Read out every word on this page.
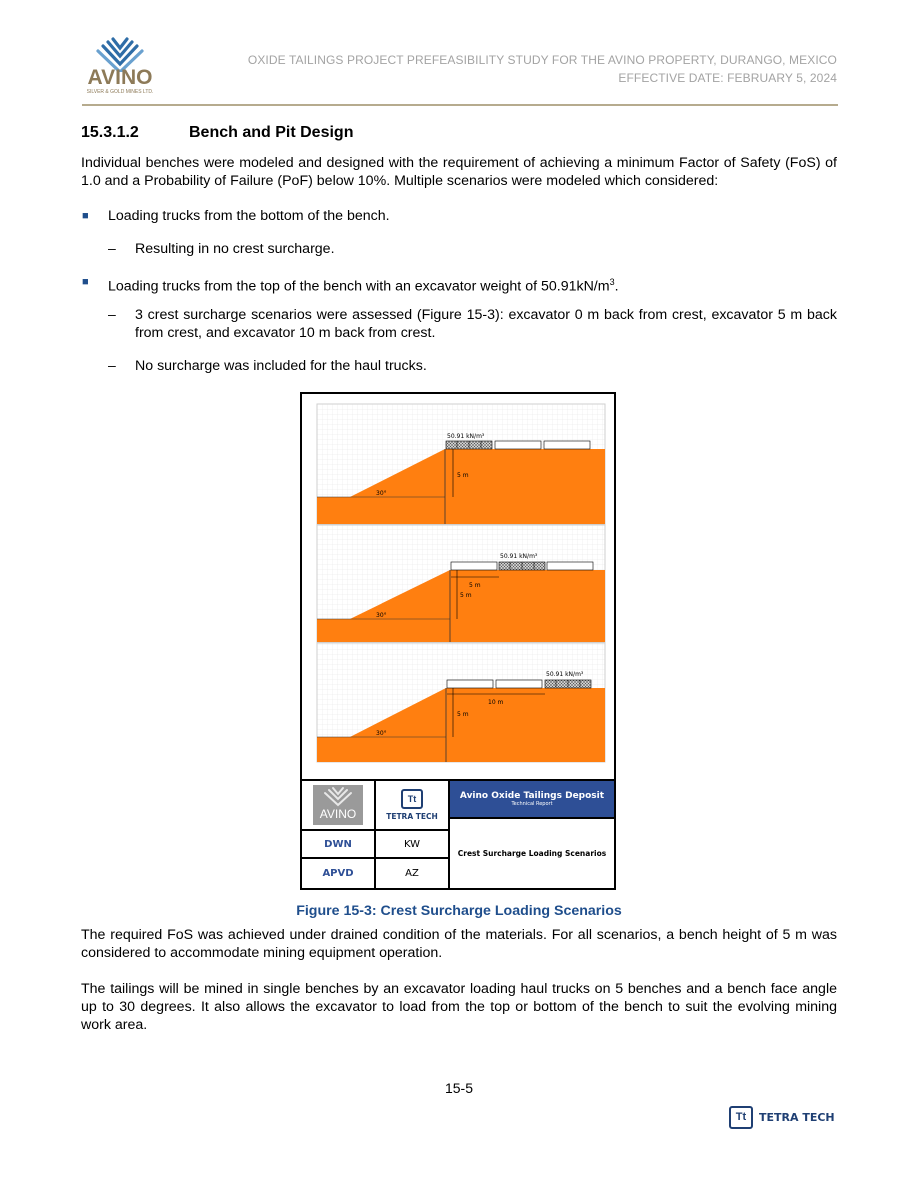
AVINO
SILVER & GOLD MINES LTD.
OXIDE TAILINGS PROJECT PREFEASIBILITY STUDY FOR THE AVINO PROPERTY, DURANGO, MEXICO
EFFECTIVE DATE: FEBRUARY 5, 2024
15.3.1.2	Bench and Pit Design
Individual benches were modeled and designed with the requirement of achieving a minimum Factor of Safety (FoS) of 1.0 and a Probability of Failure (PoF) below 10%. Multiple scenarios were modeled which considered:
■ Loading trucks from the bottom of the bench.
– Resulting in no crest surcharge.
■ Loading trucks from the top of the bench with an excavator weight of $50.91kN/m^3$.
– 3 crest surcharge scenarios were assessed (Figure 15-3): excavator 0 m back from crest, excavator 5 m back from crest, and excavator 10 m back from crest.
– No surcharge was included for the haul trucks.
5 m
30°
50.91 kN/m³
5 m
30°
5 m
50.91 kN/m³
5 m
30°
10 m
50.91 kN/m³
AVINO
Tt
TETRA TECH
Avino Oxide Tailings Deposit
Technical Report
DWN	KW
APVD	AZ
Crest Surcharge Loading Scenarios
Figure 15-3: Crest Surcharge Loading Scenarios
The required FoS was achieved under drained condition of the materials. For all scenarios, a bench height of 5 m was considered to accommodate mining equipment operation.
The tailings will be mined in single benches by an excavator loading haul trucks on 5 benches and a bench face angle up to 30 degrees. It also allows the excavator to load from the top or bottom of the bench to suit the evolving mining work area.
15-5
Tt	TETRA TECH
